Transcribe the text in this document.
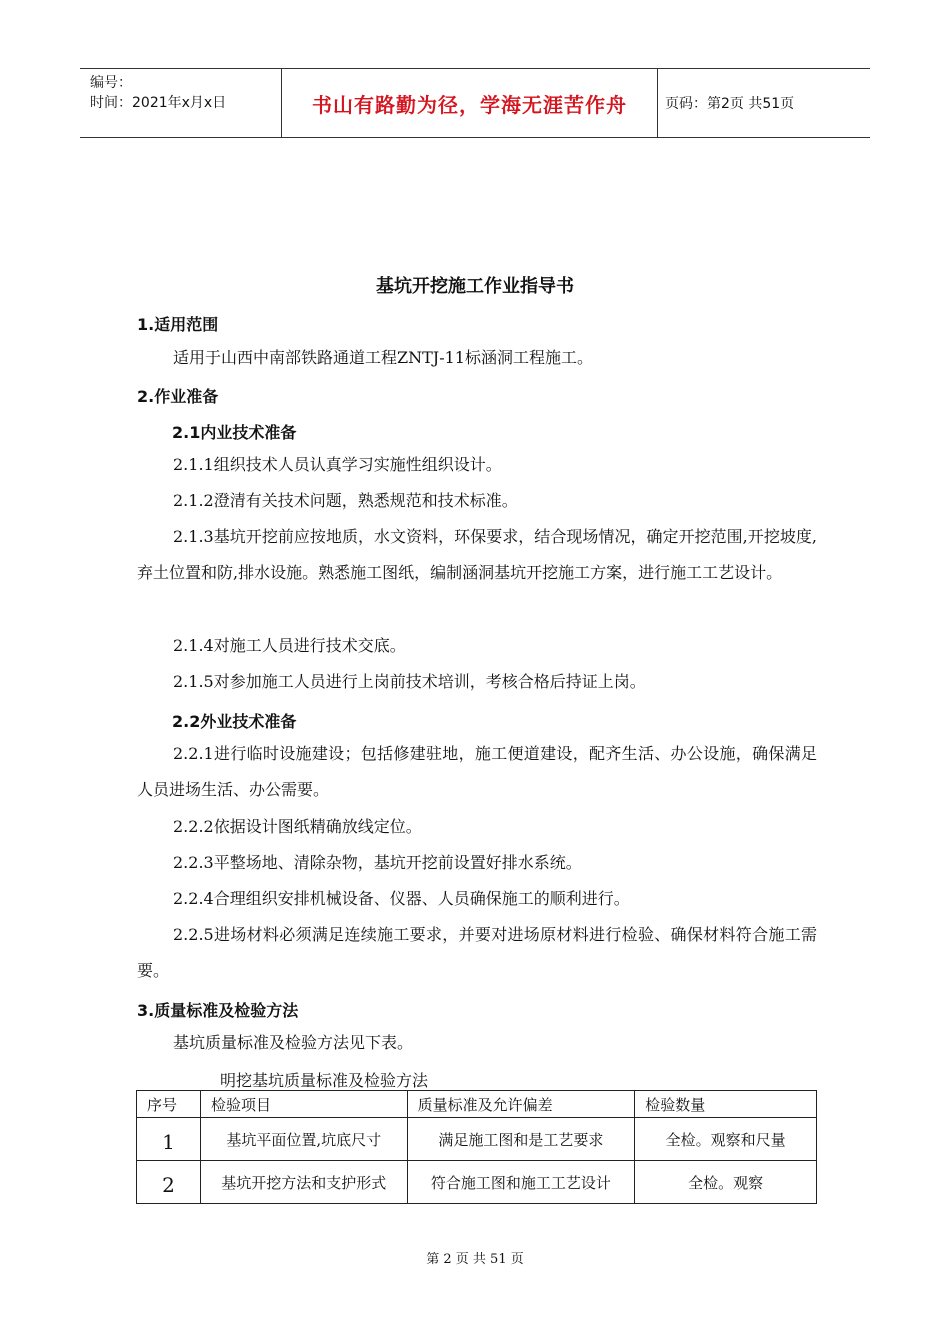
编号：
时间：2021年x月x日	书山有路勤为径，学海无涯苦作舟	页码：第2页 共51页
基坑开挖施工作业指导书
1.适用范围
适用于山西中南部铁路通道工程ZNTJ-11标涵洞工程施工。
2.作业准备
2.1内业技术准备
2.1.1组织技术人员认真学习实施性组织设计。
2.1.2澄清有关技术问题，熟悉规范和技术标准。
2.1.3基坑开挖前应按地质，水文资料，环保要求，结合现场情况，确定开挖范围,开挖坡度,弃土位置和防,排水设施。熟悉施工图纸，编制涵洞基坑开挖施工方案，进行施工工艺设计。
2.1.4对施工人员进行技术交底。
2.1.5对参加施工人员进行上岗前技术培训，考核合格后持证上岗。
2.2外业技术准备
2.2.1进行临时设施建设；包括修建驻地，施工便道建设，配齐生活、办公设施，确保满足人员进场生活、办公需要。
2.2.2依据设计图纸精确放线定位。
2.2.3平整场地、清除杂物，基坑开挖前设置好排水系统。
2.2.4合理组织安排机械设备、仪器、人员确保施工的顺利进行。
2.2.5进场材料必须满足连续施工要求，并要对进场原材料进行检验、确保材料符合施工需要。
3.质量标准及检验方法
基坑质量标准及检验方法见下表。
明挖基坑质量标准及检验方法
序号	检验项目	质量标准及允许偏差	检验数量
1	基坑平面位置,坑底尺寸	满足施工图和是工艺要求	全检。观察和尺量
2	基坑开挖方法和支护形式	符合施工图和施工工艺设计	全检。观察
第 2 页 共 51 页
